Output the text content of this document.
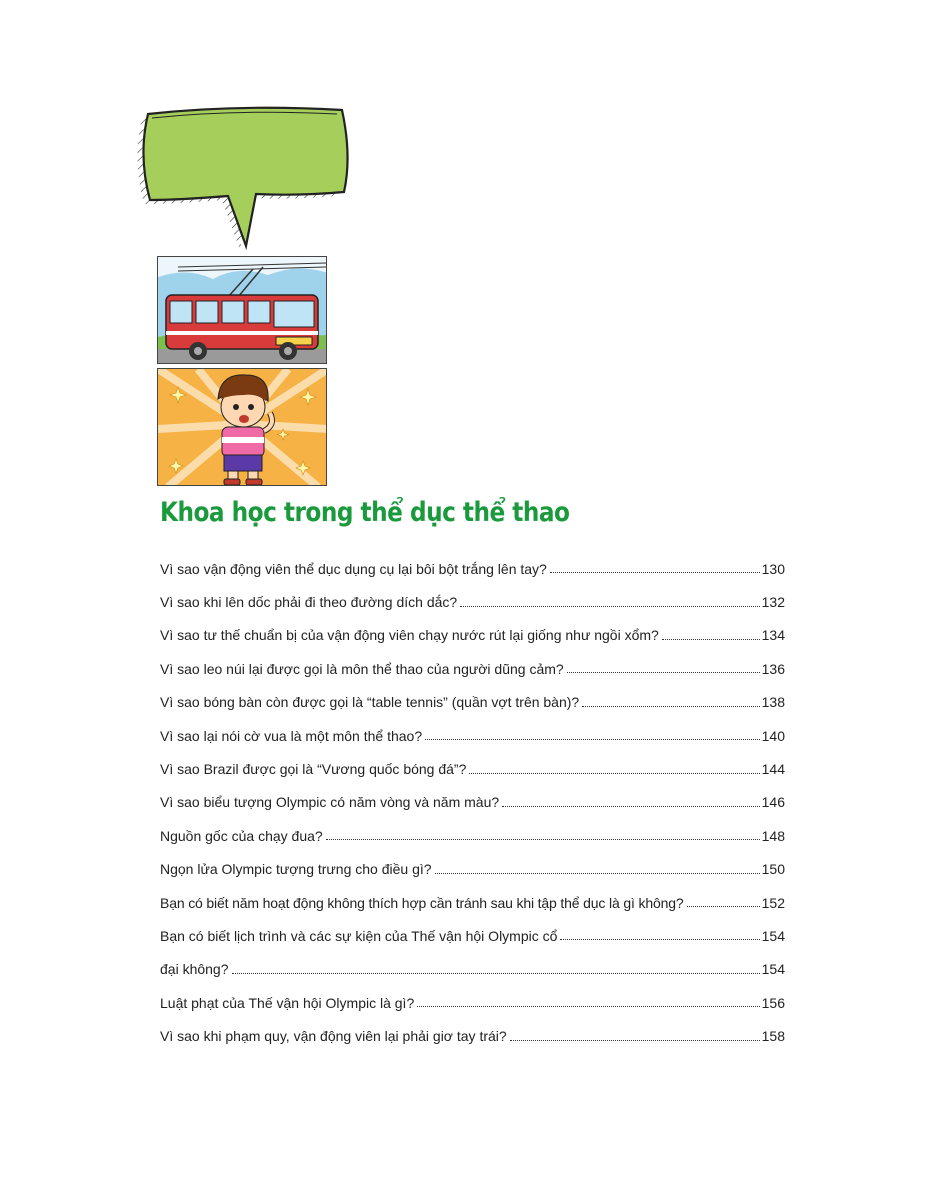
Khoa học trong thể dục thể thao
Vì sao vận động viên thể dục dụng cụ lại bôi bột trắng lên tay?	130
Vì sao khi lên dốc phải đi theo đường dích dắc?	132
Vì sao tư thế chuẩn bị của vận động viên chạy nước rút lại giống như ngồi xổm?	134
Vì sao leo núi lại được gọi là môn thể thao của người dũng cảm?	136
Vì sao bóng bàn còn được gọi là “table tennis” (quần vợt trên bàn)?	138
Vì sao lại nói cờ vua là một môn thể thao?	140
Vì sao Brazil được gọi là “Vương quốc bóng đá”?	144
Vì sao biểu tượng Olympic có năm vòng và năm màu?	146
Nguồn gốc của chạy đua?	148
Ngọn lửa Olympic tượng trưng cho điều gì?	150
Bạn có biết năm hoạt động không thích hợp cần tránh sau khi tập thể dục là gì không?	152
Bạn có biết lịch trình và các sự kiện của Thế vận hội Olympic cổ	154
đại không?	154
Luật phạt của Thế vận hội Olympic là gì?	156
Vì sao khi phạm quy, vận động viên lại phải giơ tay trái?	158
